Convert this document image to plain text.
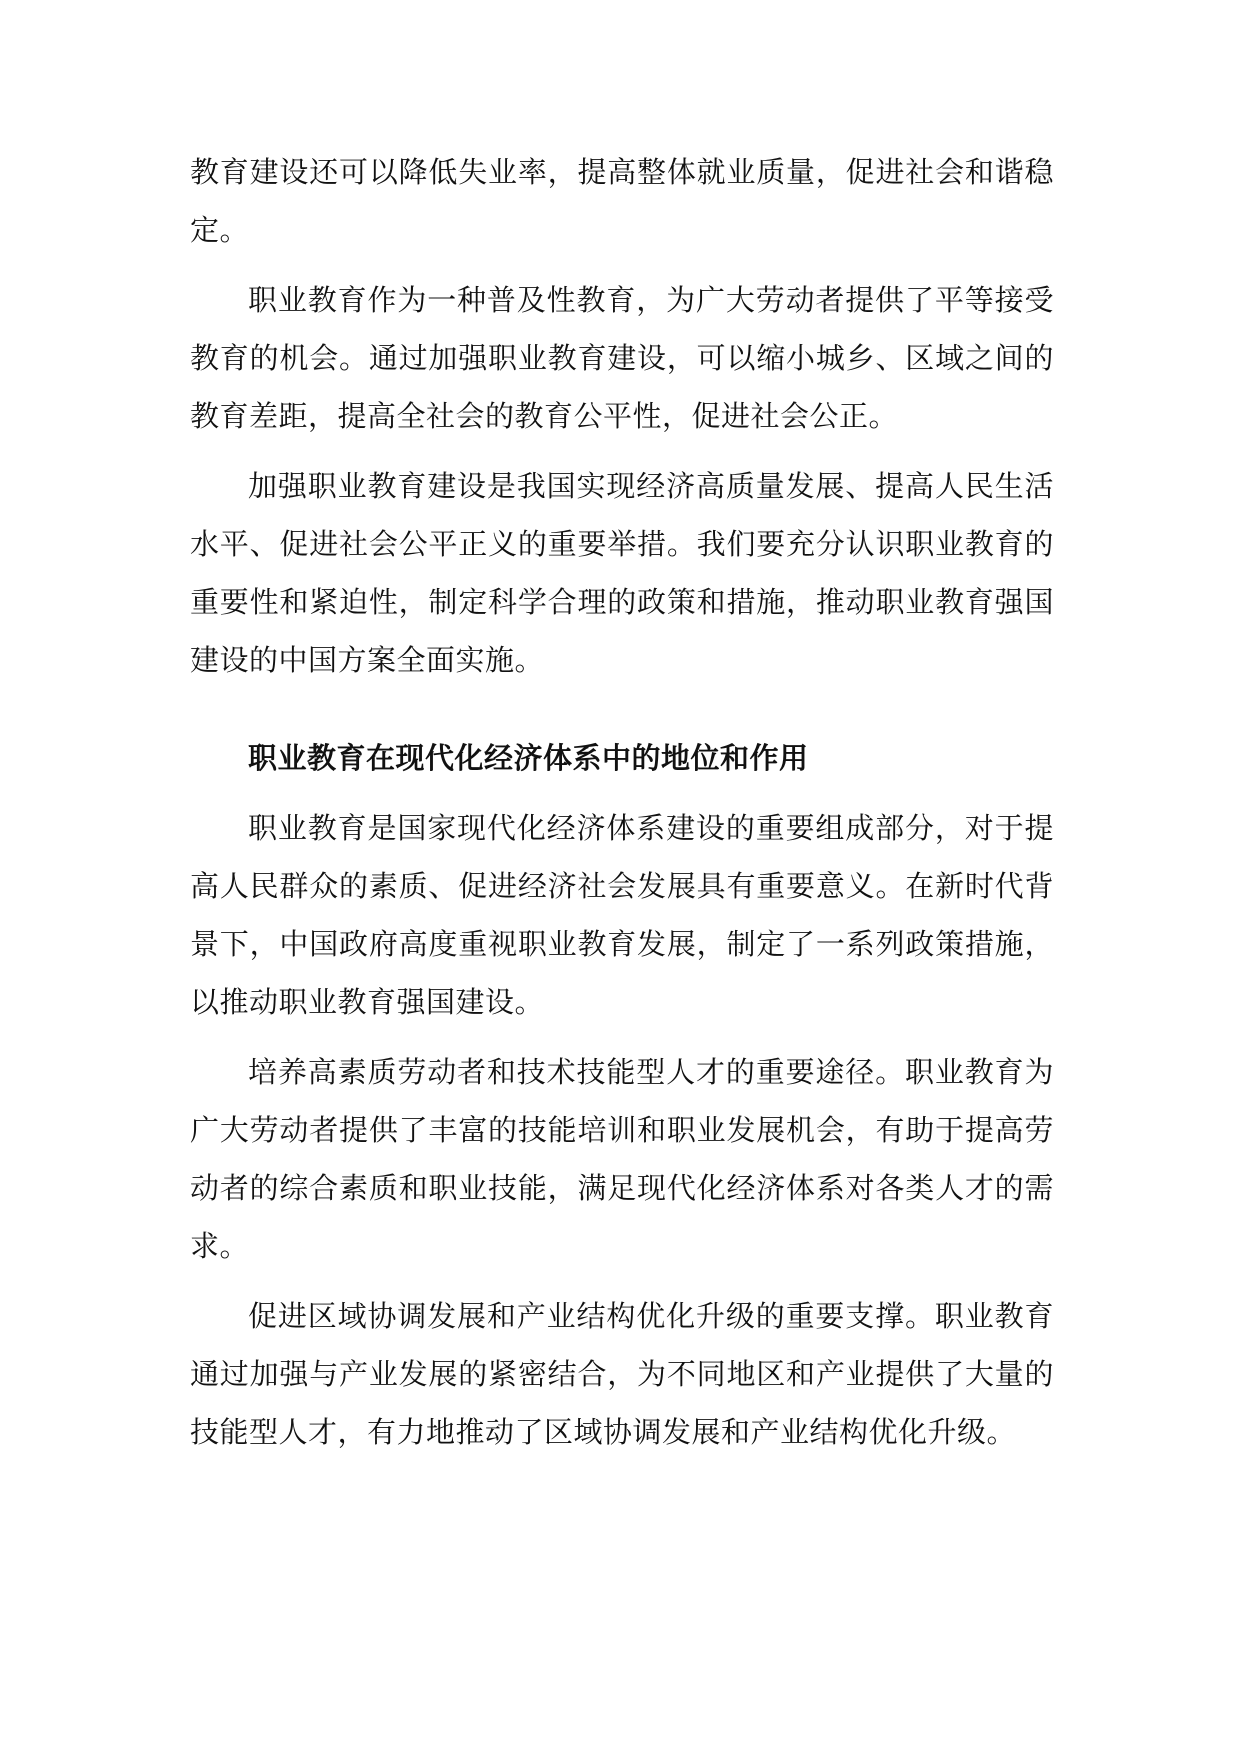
教育建设还可以降低失业率，提高整体就业质量，促进社会和谐稳定。

职业教育作为一种普及性教育，为广大劳动者提供了平等接受教育的机会。通过加强职业教育建设，可以缩小城乡、区域之间的教育差距，提高全社会的教育公平性，促进社会公正。

加强职业教育建设是我国实现经济高质量发展、提高人民生活水平、促进社会公平正义的重要举措。我们要充分认识职业教育的重要性和紧迫性，制定科学合理的政策和措施，推动职业教育强国建设的中国方案全面实施。

职业教育在现代化经济体系中的地位和作用

职业教育是国家现代化经济体系建设的重要组成部分，对于提高人民群众的素质、促进经济社会发展具有重要意义。在新时代背景下，中国政府高度重视职业教育发展，制定了一系列政策措施，以推动职业教育强国建设。

培养高素质劳动者和技术技能型人才的重要途径。职业教育为广大劳动者提供了丰富的技能培训和职业发展机会，有助于提高劳动者的综合素质和职业技能，满足现代化经济体系对各类人才的需求。

促进区域协调发展和产业结构优化升级的重要支撑。职业教育通过加强与产业发展的紧密结合，为不同地区和产业提供了大量的技能型人才，有力地推动了区域协调发展和产业结构优化升级。
